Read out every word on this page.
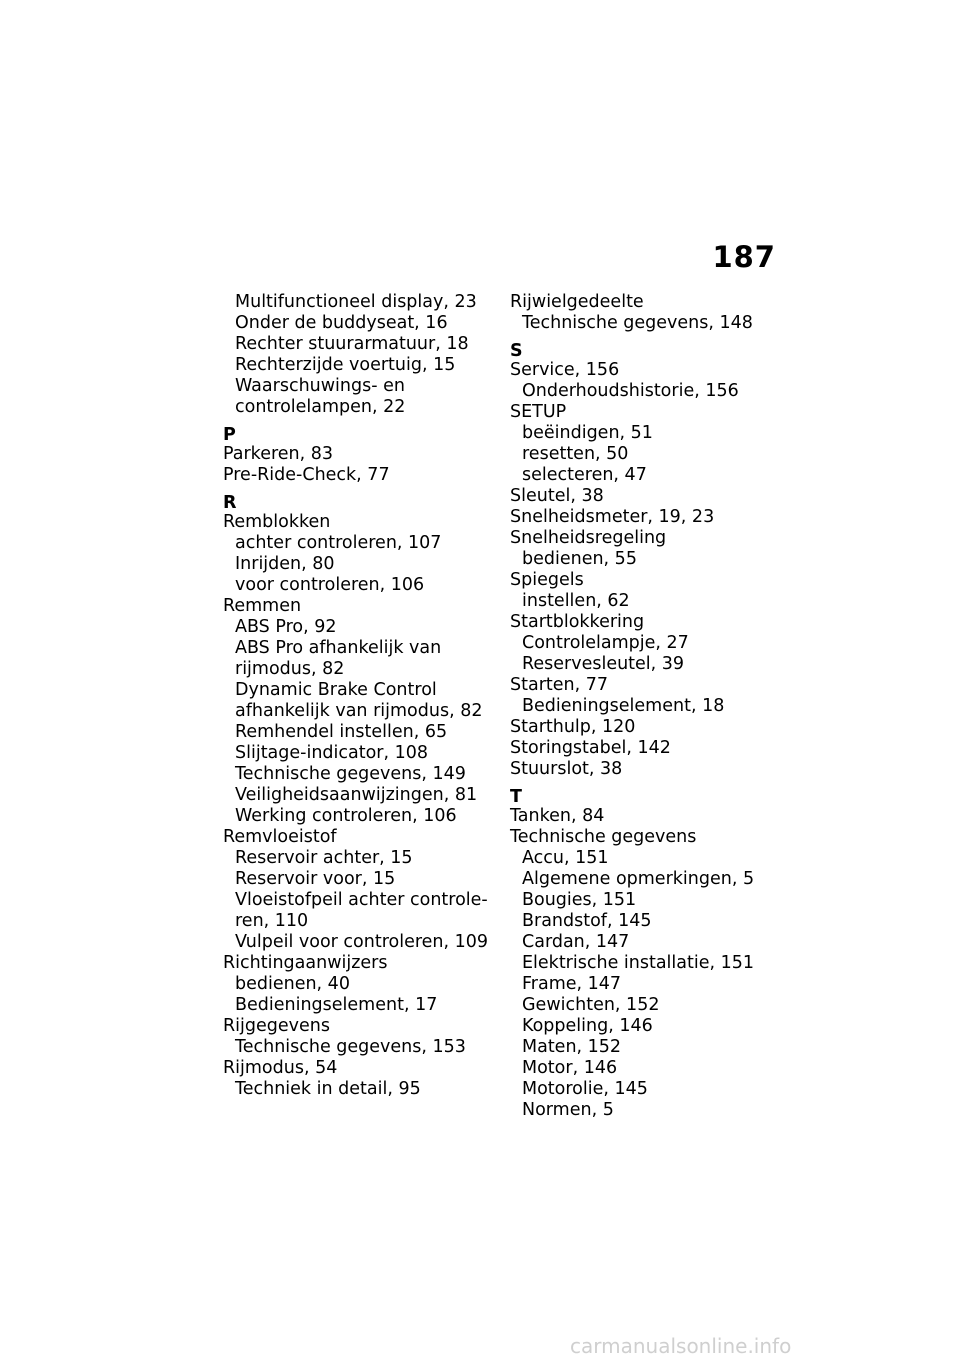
187
Multifunctioneel display, 23
Onder de buddyseat, 16
Rechter stuurarmatuur, 18
Rechterzijde voertuig, 15
Waarschuwings- en
controlelampen, 22
P
Parkeren, 83
Pre-Ride-Check, 77
R
Remblokken
achter controleren, 107
Inrijden, 80
voor controleren, 106
Remmen
ABS Pro, 92
ABS Pro afhankelijk van
rijmodus, 82
Dynamic Brake Control
afhankelijk van rijmodus, 82
Remhendel instellen, 65
Slijtage-indicator, 108
Technische gegevens, 149
Veiligheidsaanwijzingen, 81
Werking controleren, 106
Remvloeistof
Reservoir achter, 15
Reservoir voor, 15
Vloeistofpeil achter controle-
ren, 110
Vulpeil voor controleren, 109
Richtingaanwijzers
bedienen, 40
Bedieningselement, 17
Rijgegevens
Technische gegevens, 153
Rijmodus, 54
Techniek in detail, 95
Rijwielgedeelte
Technische gegevens, 148
S
Service, 156
Onderhoudshistorie, 156
SETUP
beëindigen, 51
resetten, 50
selecteren, 47
Sleutel, 38
Snelheidsmeter, 19, 23
Snelheidsregeling
bedienen, 55
Spiegels
instellen, 62
Startblokkering
Controlelampje, 27
Reservesleutel, 39
Starten, 77
Bedieningselement, 18
Starthulp, 120
Storingstabel, 142
Stuurslot, 38
T
Tanken, 84
Technische gegevens
Accu, 151
Algemene opmerkingen, 5
Bougies, 151
Brandstof, 145
Cardan, 147
Elektrische installatie, 151
Frame, 147
Gewichten, 152
Koppeling, 146
Maten, 152
Motor, 146
Motorolie, 145
Normen, 5
carmanualsonline.info
